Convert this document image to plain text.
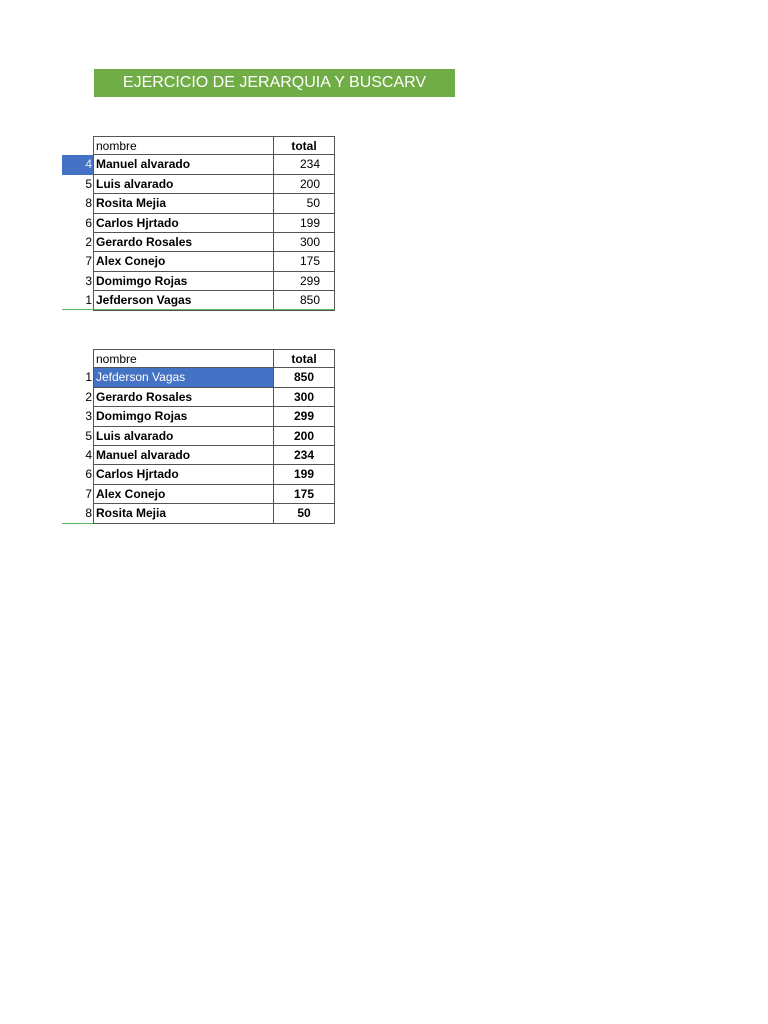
EJERCICIO DE JERARQUIA Y BUSCARV
nombre	total
4 Manuel alvarado	234
5 Luis alvarado	200
8 Rosita Mejia	50
6 Carlos Hjrtado	199
2 Gerardo Rosales	300
7 Alex Conejo	175
3 Domimgo Rojas	299
1 Jefderson Vagas	850
nombre	total
1 Jefderson Vagas	850
2 Gerardo Rosales	300
3 Domimgo Rojas	299
5 Luis alvarado	200
4 Manuel alvarado	234
6 Carlos Hjrtado	199
7 Alex Conejo	175
8 Rosita Mejia	50
